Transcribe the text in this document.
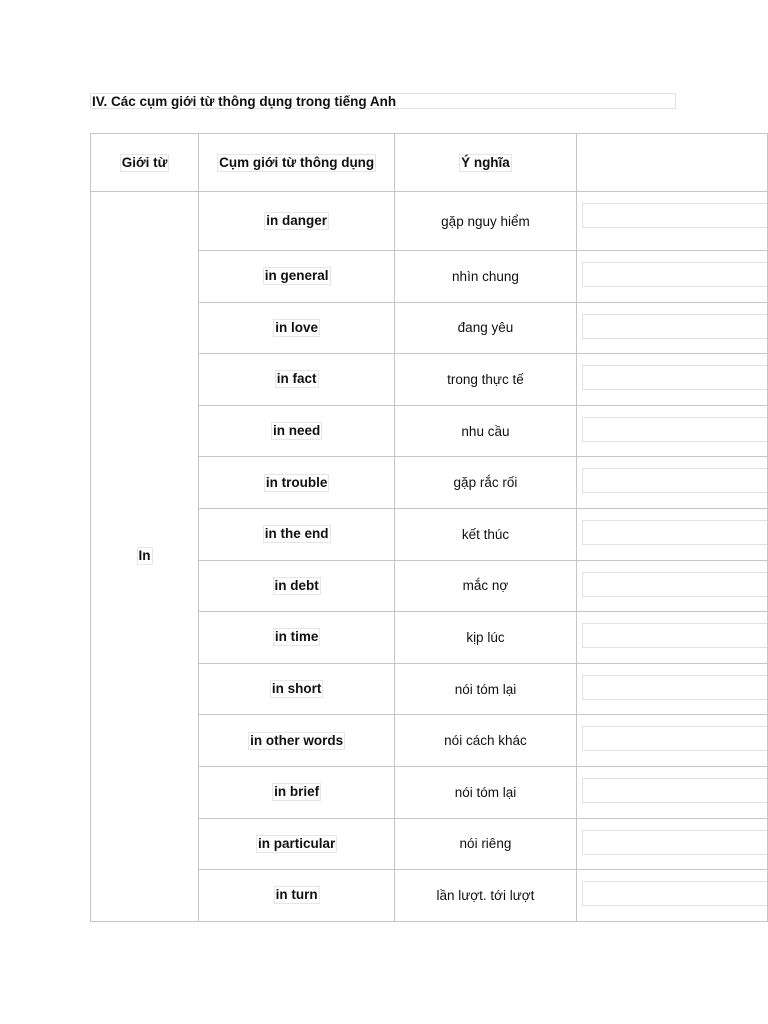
IV. Các cụm giới từ thông dụng trong tiếng Anh
Giới từ	Cụm giới từ thông dụng	Ý nghĩa	
In	in danger	gặp nguy hiểm	

	in general	nhìn chung	

	in love	đang yêu	

	in fact	trong thực tế	

	in need	nhu cầu	

	in trouble	gặp rắc rối	

	in the end	kết thúc	

	in debt	mắc nợ	

	in time	kịp lúc	

	in short	nói tóm lại	

	in other words	nói cách khác	

	in brief	nói tóm lại	

	in particular	nói riêng	

	in turn	lần lượt. tới lượt	
